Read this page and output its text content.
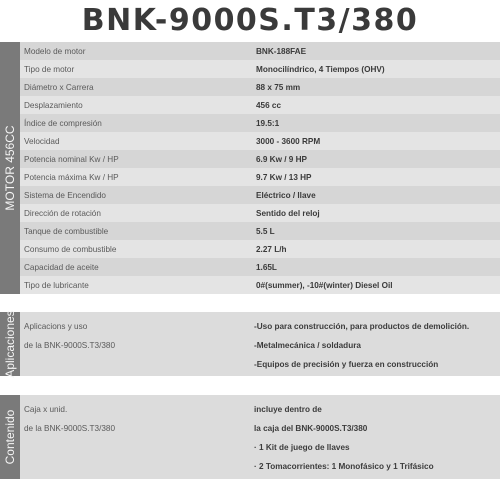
BNK-9000S.T3/380
MOTOR 456CC
Modelo de motor	BNK-188FAE
Tipo de motor	Monocilíndrico, 4 Tiempos (OHV)
Diámetro x Carrera	88 x 75 mm
Desplazamiento	456 cc
Índice de compresión	19.5:1
Velocidad	3000 - 3600 RPM
Potencia nominal Kw / HP	6.9 Kw / 9 HP
Potencia máxima Kw / HP	9.7 Kw / 13 HP
Sistema de Encendido	Eléctrico / llave
Dirección de rotación	Sentido del reloj
Tanque de combustible	5.5 L
Consumo de combustible	2.27 L/h
Capacidad de aceite	1.65L
Tipo de lubricante	0#(summer), -10#(winter) Diesel Oil
Aplicaciones Aplicacions y uso	-Uso para construcción, para productos de demolición.
de la BNK-9000S.T3/380	-Metalmecánica / soldadura
-Equipos de precisión y fuerza en construcción
Contenido
Caja x unid.	incluye dentro de
de la BNK-9000S.T3/380	la caja del BNK-9000S.T3/380
· 1 Kit de juego de llaves
· 2 Tomacorrientes: 1 Monofásico y 1 Trifásico
